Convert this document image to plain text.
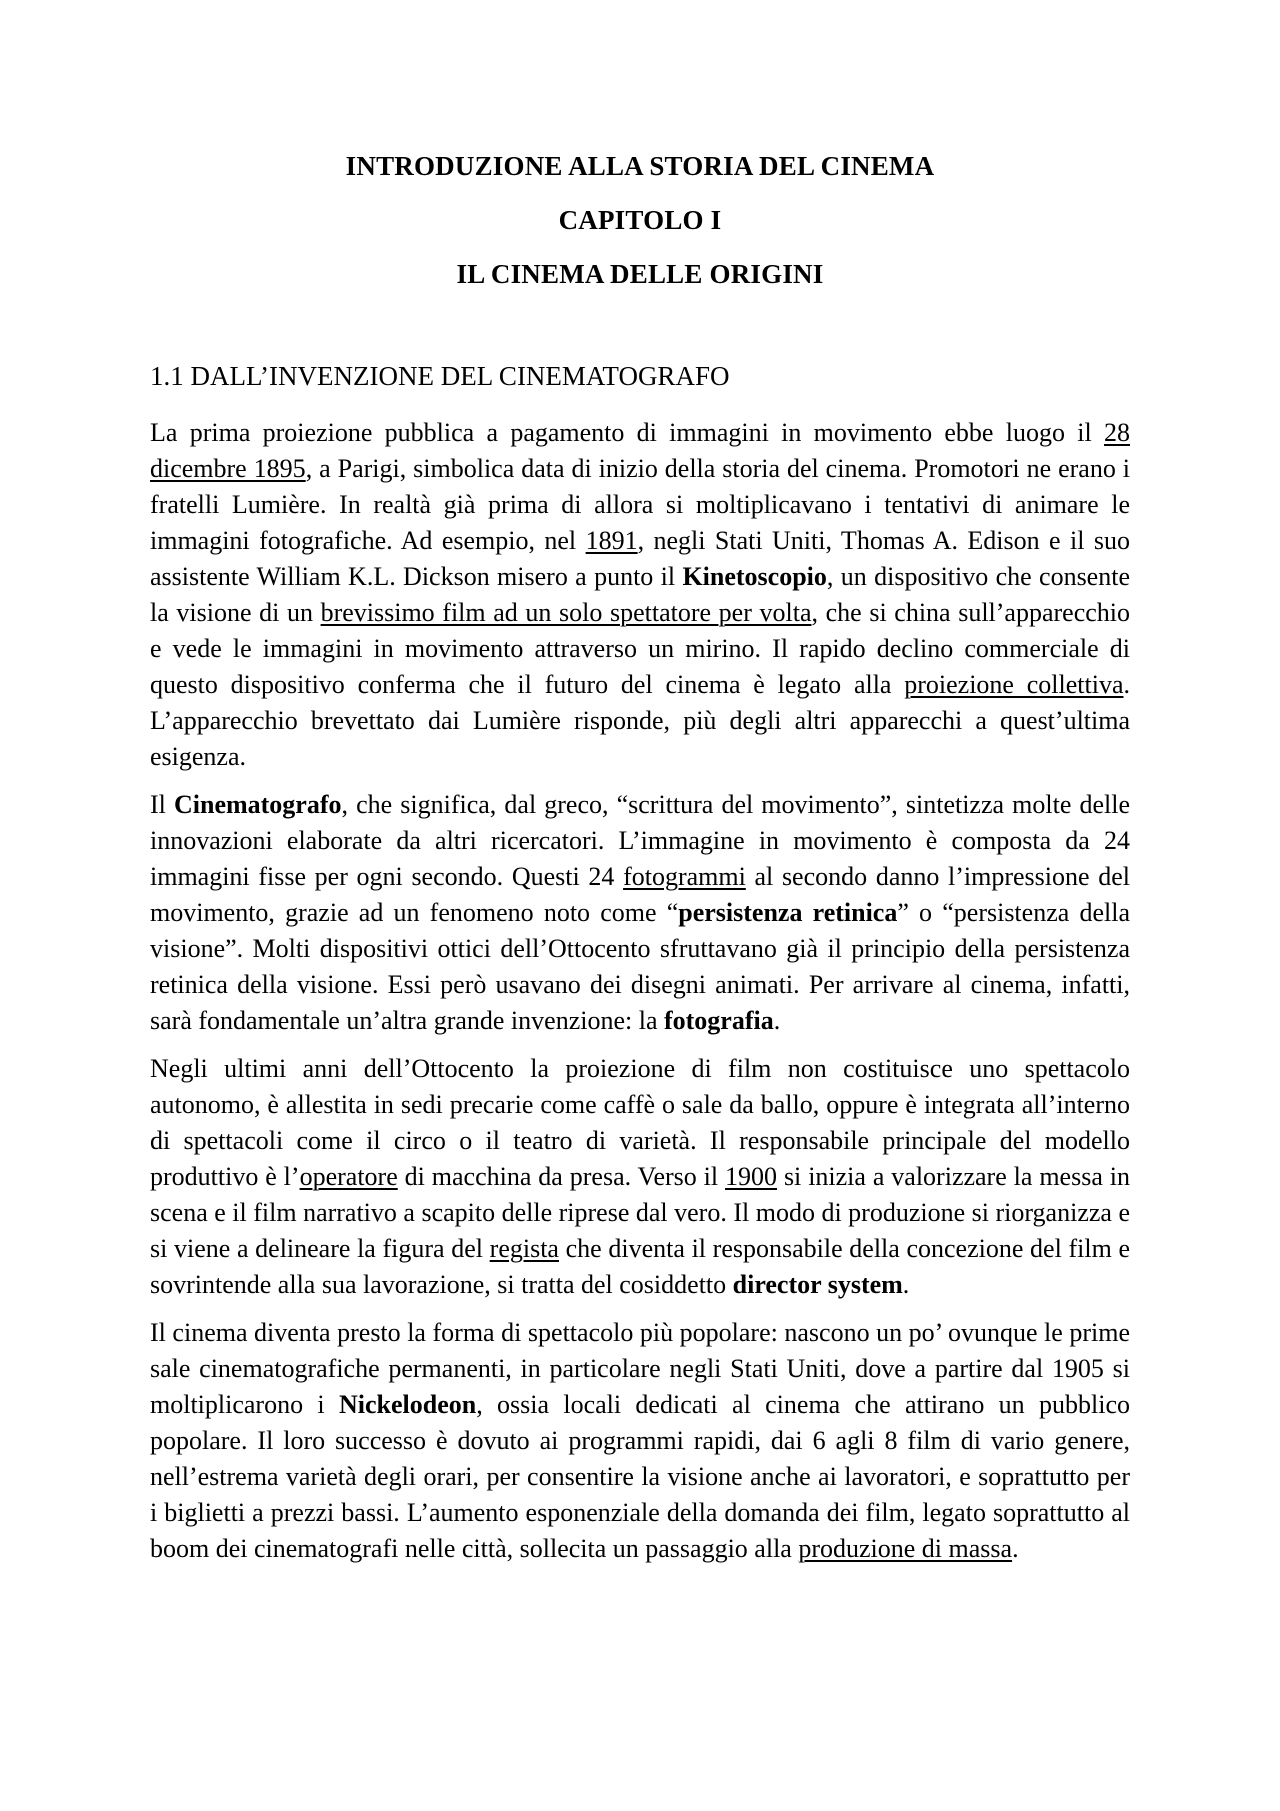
INTRODUZIONE ALLA STORIA DEL CINEMA
CAPITOLO I
IL CINEMA DELLE ORIGINI
1.1 DALL’INVENZIONE DEL CINEMATOGRAFO

La prima proiezione pubblica a pagamento di immagini in movimento ebbe luogo il 28 dicembre 1895, a Parigi, simbolica data di inizio della storia del cinema. Promotori ne erano i fratelli Lumière. In realtà già prima di allora si moltiplicavano i tentativi di animare le immagini fotografiche. Ad esempio, nel 1891, negli Stati Uniti, Thomas A. Edison e il suo assistente William K.L. Dickson misero a punto il Kinetoscopio, un dispositivo che consente la visione di un brevissimo film ad un solo spettatore per volta, che si china sull’apparecchio e vede le immagini in movimento attraverso un mirino. Il rapido declino commerciale di questo dispositivo conferma che il futuro del cinema è legato alla proiezione collettiva. L’apparecchio brevettato dai Lumière risponde, più degli altri apparecchi a quest’ultima esigenza.

Il Cinematografo, che significa, dal greco, “scrittura del movimento”, sintetizza molte delle innovazioni elaborate da altri ricercatori. L’immagine in movimento è composta da 24 immagini fisse per ogni secondo. Questi 24 fotogrammi al secondo danno l’impressione del movimento, grazie ad un fenomeno noto come “persistenza retinica” o “persistenza della visione”. Molti dispositivi ottici dell’Ottocento sfruttavano già il principio della persistenza retinica della visione. Essi però usavano dei disegni animati. Per arrivare al cinema, infatti, sarà fondamentale un’altra grande invenzione: la fotografia.

Negli ultimi anni dell’Ottocento la proiezione di film non costituisce uno spettacolo autonomo, è allestita in sedi precarie come caffè o sale da ballo, oppure è integrata all’interno di spettacoli come il circo o il teatro di varietà. Il responsabile principale del modello produttivo è l’operatore di macchina da presa. Verso il 1900 si inizia a valorizzare la messa in scena e il film narrativo a scapito delle riprese dal vero. Il modo di produzione si riorganizza e si viene a delineare la figura del regista che diventa il responsabile della concezione del film e sovrintende alla sua lavorazione, si tratta del cosiddetto director system.

Il cinema diventa presto la forma di spettacolo più popolare: nascono un po’ ovunque le prime sale cinematografiche permanenti, in particolare negli Stati Uniti, dove a partire dal 1905 si moltiplicarono i Nickelodeon, ossia locali dedicati al cinema che attirano un pubblico popolare. Il loro successo è dovuto ai programmi rapidi, dai 6 agli 8 film di vario genere, nell’estrema varietà degli orari, per consentire la visione anche ai lavoratori, e soprattutto per i biglietti a prezzi bassi. L’aumento esponenziale della domanda dei film, legato soprattutto al boom dei cinematografi nelle città, sollecita un passaggio alla produzione di massa.
